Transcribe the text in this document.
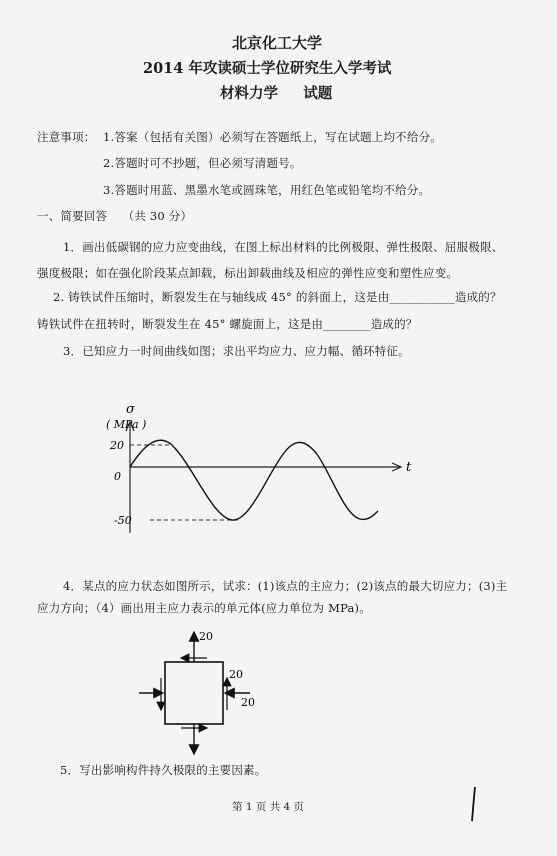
北京化工大学
2014 年攻读硕士学位研究生入学考试
材料力学     试题
注意事项： 1.答案（包括有关图）必须写在答题纸上，写在试题上均不给分。
2.答题时可不抄题，但必须写清题号。
3.答题时用蓝、黑墨水笔或圆珠笔，用红色笔或铅笔均不给分。
一、简要回答    （共 30 分）
1．画出低碳钢的应力应变曲线，在图上标出材料的比例极限、弹性极限、屈服极限、
强度极限；如在强化阶段某点卸载，标出卸载曲线及相应的弹性应变和塑性应变。
2. 铸铁试件压缩时，断裂发生在与轴线成 45° 的斜面上，这是由___________造成的？
铸铁试件在扭转时，断裂发生在 45° 螺旋面上，这是由________造成的？
3．已知应力一时间曲线如图；求出平均应力、应力幅、循环特征。
σ
( MPa )
20
0
-50
t
4．某点的应力状态如图所示，试求：(1)该点的主应力；(2)该点的最大切应力；(3)主
应力方向；（4）画出用主应力表示的单元体(应力单位为 MPa)。
20
20
20
5．写出影响构件持久极限的主要因素。
第 1 页 共 4 页
